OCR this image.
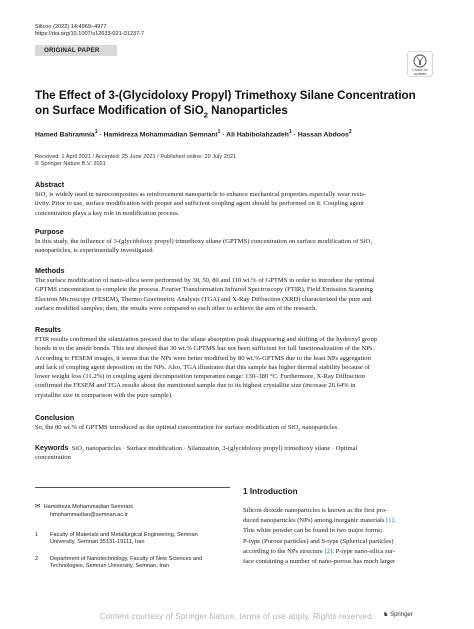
Silicon (2022) 14:4969–4977
https://doi.org/10.1007/s12633-021-01237-7
ORIGINAL PAPER
Check for
updates
The Effect of 3-(Glycidoloxy Propyl) Trimethoxy Silane Concentration
on Surface Modification of SiO$_2$ Nanoparticles
Hamed Bahramnia$^1$ · Hamidreza Mohammadian Semnani$^1$ · Ali Habibolahzadeh$^1$ · Hassan Abdoos$^2$
Received: 1 April 2021 / Accepted: 25 June 2021 / Published online: 29 July 2021
© Springer Nature B.V. 2021
Abstract
SiO₂ is widely used in nanocomposites as reinforcement nanoparticle to enhance mechanical properties especially wear resis-
tivity. Prior to use, surface modification with proper and sufficient coupling agent should be performed on it. Coupling agent
concentration plays a key role in modification process.
Purpose
In this study, the influence of 3-(glycidoloxy propyl) trimethoxy silane (GPTMS) concentration on surface modification of SiO₂
nanoparticles, is experimentally investigated.
Methods
The surface modification of nano-silica were performed by 30, 50, 80 and 110 wt.% of GPTMS in order to introduce the optimal
GPTMS concentration to complete the process. Fourier Transformation Infrared Spectroscopy (FTIR), Field Emission Scanning
Electron Microscopy (FESEM), Thermo Gravimetric Analysis (TGA) and X-Ray Diffraction (XRD) characterized the pure and
surface modified samples; then, the results were compared to each other to achieve the aim of the research.
Results
FTIR results confirmed the silanization proceed due to the silane absorption peak disappearing and shifting of the hydroxyl group
bonds in to the amide bonds. This test showed that 30 wt.% GPTMS has not been sufficient for full functionalization of the NPs.
According to FESEM images, it seems that the NPs were better modified by 80 wt.%-GPTMS due to the least NPs aggregation
and lack of coupling agent deposition on the NPs. Also, TGA illustrates that this sample has higher thermal stability because of
lower weight loss (11.2%) in coupling agent decomposition temperature range: 130–380 °C. Furthermore, X-Ray Diffraction
confirmed the FESEM and TGA results about the mentioned sample due to its highest crystallite size (increase 26.64% in
crystallite size in comparison with the pure sample).
Conclusion
So, the 80 wt.% of GPTMS introduced as the optimal concentration for surface modification of SiO₂ nanoparticles.
Keywords SiO₂ nanoparticles · Surface modification · Silanization, 3-(glycidoloxy propyl) trimethoxy silane · Optimal
concentration
✉ Hamidreza Mohammadian Semnani
hmohammadian@semnan.ac.ir
1 Faculty of Materials and Metallurgical Engineering, Semnan
University, Semnan 35131-19111, Iran
2 Department of Nanotechnology, Faculty of New Sciences and
Technologies, Semnan University, Semnan, Iran
1 Introduction
Silicon dioxide nanoparticles is known as the first pro-
duced nanoparticles (NPs) among inorganic materials [1].
This white powder can be found in two major forms;
P-type (Porous particles) and S-type (Spherical particles)
according to the NPs structure [2]. P-type nano-silica sur-
face containing a number of nano-porous has much larger
♞ Springer
Content courtesy of Springer Nature, terms of use apply. Rights reserved.
